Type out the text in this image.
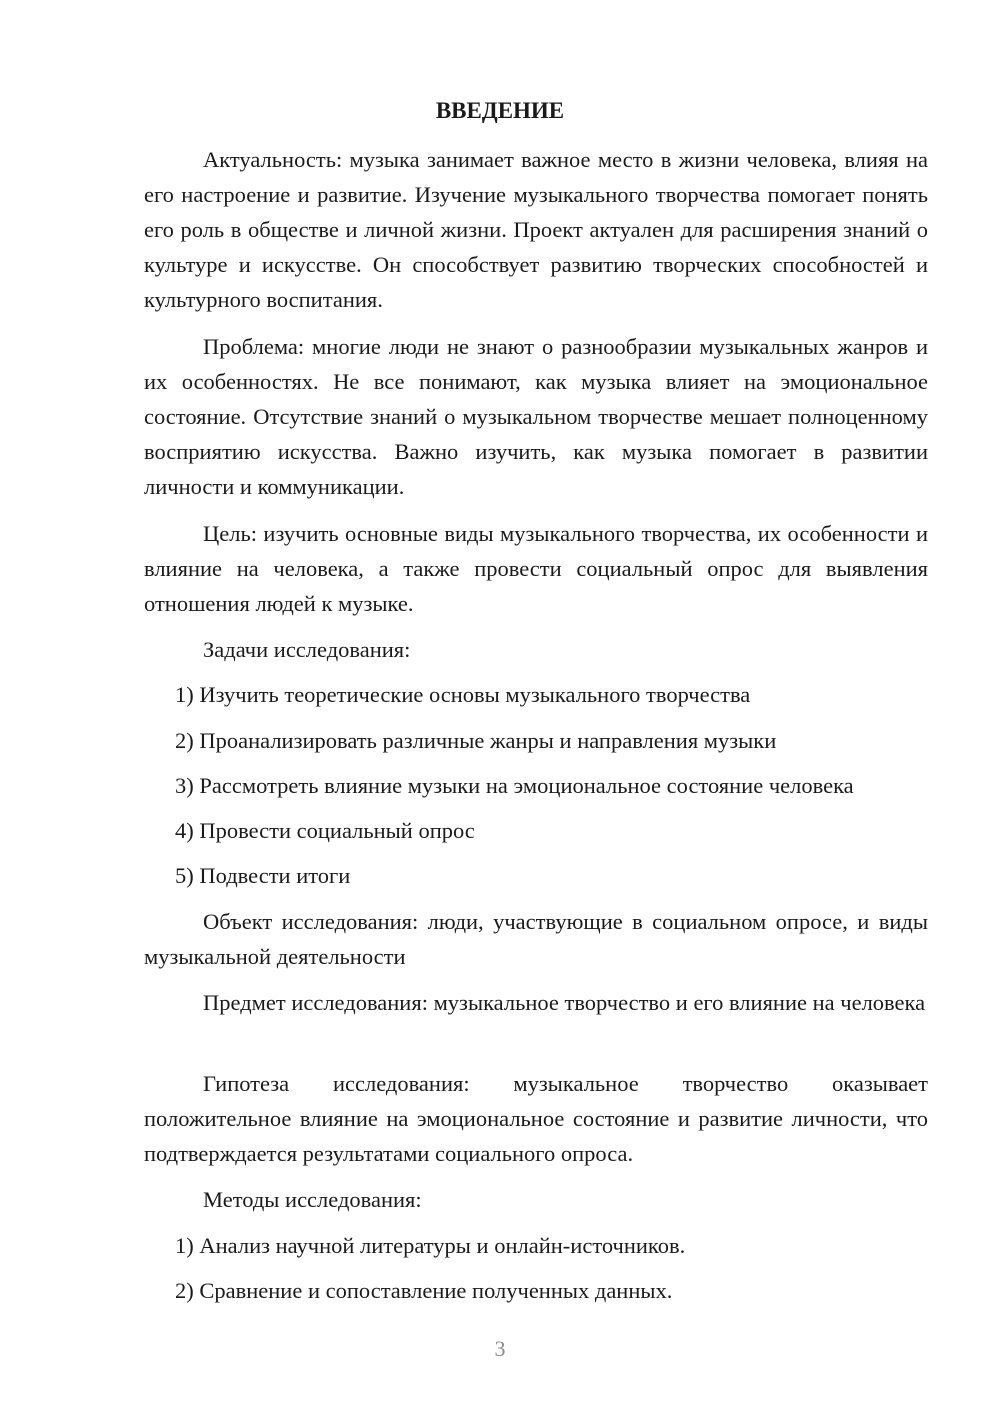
ВВЕДЕНИЕ

Актуальность: музыка занимает важное место в жизни человека, влияя на его настроение и развитие. Изучение музыкального творчества помогает понять его роль в обществе и личной жизни. Проект актуален для расширения знаний о культуре и искусстве. Он способствует развитию творческих способностей и культурного воспитания.

Проблема: многие люди не знают о разнообразии музыкальных жанров и их особенностях. Не все понимают, как музыка влияет на эмоциональное состояние. Отсутствие знаний о музыкальном творчестве мешает полноценному восприятию искусства. Важно изучить, как музыка помогает в развитии личности и коммуникации.

Цель: изучить основные виды музыкального творчества, их особенности и влияние на человека, а также провести социальный опрос для выявления отношения людей к музыке.

Задачи исследования:

1) Изучить теоретические основы музыкального творчества

2) Проанализировать различные жанры и направления музыки

3) Рассмотреть влияние музыки на эмоциональное состояние человека

4) Провести социальный опрос

5) Подвести итоги

Объект исследования: люди, участвующие в социальном опросе, и виды музыкальной деятельности

Предмет исследования: музыкальное творчество и его влияние на человека

Гипотеза исследования: музыкальное творчество оказывает положительное влияние на эмоциональное состояние и развитие личности, что подтверждается результатами социального опроса.

Методы исследования:

1) Анализ научной литературы и онлайн-источников.

2) Сравнение и сопоставление полученных данных.

3
